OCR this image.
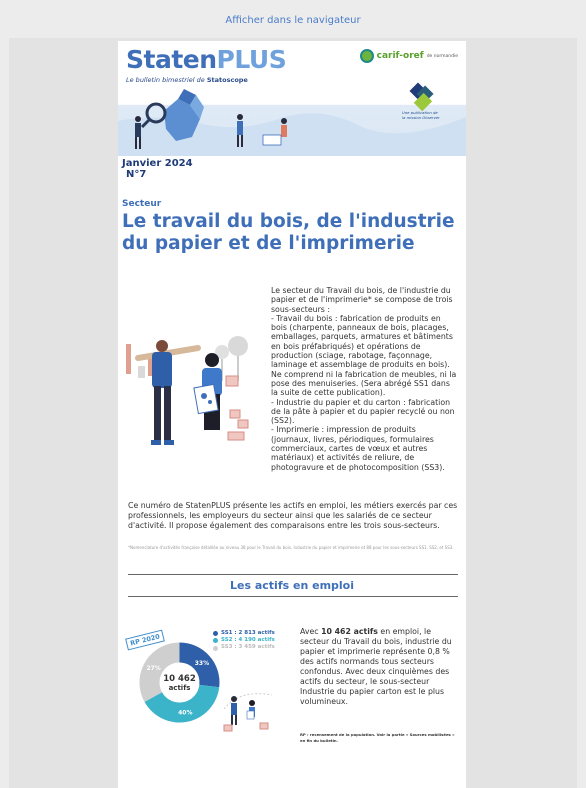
Afficher dans le navigateur
StatenPLUS
Le bulletin bimestriel de Statoscope
carif-oref de normandie
Une publication de la mission Observer
Janvier 2024
N°7
Secteur
Le travail du bois, de l'industrie du papier et de l'imprimerie
Le secteur du Travail du bois, de l'industrie du papier et de l'imprimerie* se compose de trois sous-secteurs :
- Travail du bois : fabrication de produits en bois (charpente, panneaux de bois, placages, emballages, parquets, armatures et bâtiments en bois préfabriqués) et opérations de production (sciage, rabotage, façonnage, laminage et assemblage de produits en bois). Ne comprend ni la fabrication de meubles, ni la pose des menuiseries. (Sera abrégé SS1 dans la suite de cette publication).
- Industrie du papier et du carton : fabrication de la pâte à papier et du papier recyclé ou non (SS2).
- Imprimerie : impression de produits (journaux, livres, périodiques, formulaires commerciaux, cartes de vœux et autres matériaux) et activités de reliure, de photogravure et de photocomposition (SS3).
Ce numéro de StatenPLUS présente les actifs en emploi, les métiers exercés par ces professionnels, les employeurs du secteur ainsi que les salariés de ce secteur d'activité. Il propose également des comparaisons entre les trois sous-secteurs.
*Nomenclature d'activités française détaillée au niveau 38 pour le Travail du bois, industrie du papier et imprimerie et 88 pour les sous-secteurs SS1, SS2, et SS3.
Les actifs en emploi
RP 2020
33%
40%
27%
10 462
actifs
SS1 : 2 813 actifs
SS2 : 4 190 actifs
SS3 : 3 459 actifs
Avec 10 462 actifs en emploi, le secteur du Travail du bois, industrie du papier et imprimerie représente 0,8 % des actifs normands tous secteurs confondus. Avec deux cinquièmes des actifs du secteur, le sous-secteur Industrie du papier carton est le plus volumineux.
RP : recensement de la population. Voir la partie « Sources mobilisées » en fin du bulletin.
